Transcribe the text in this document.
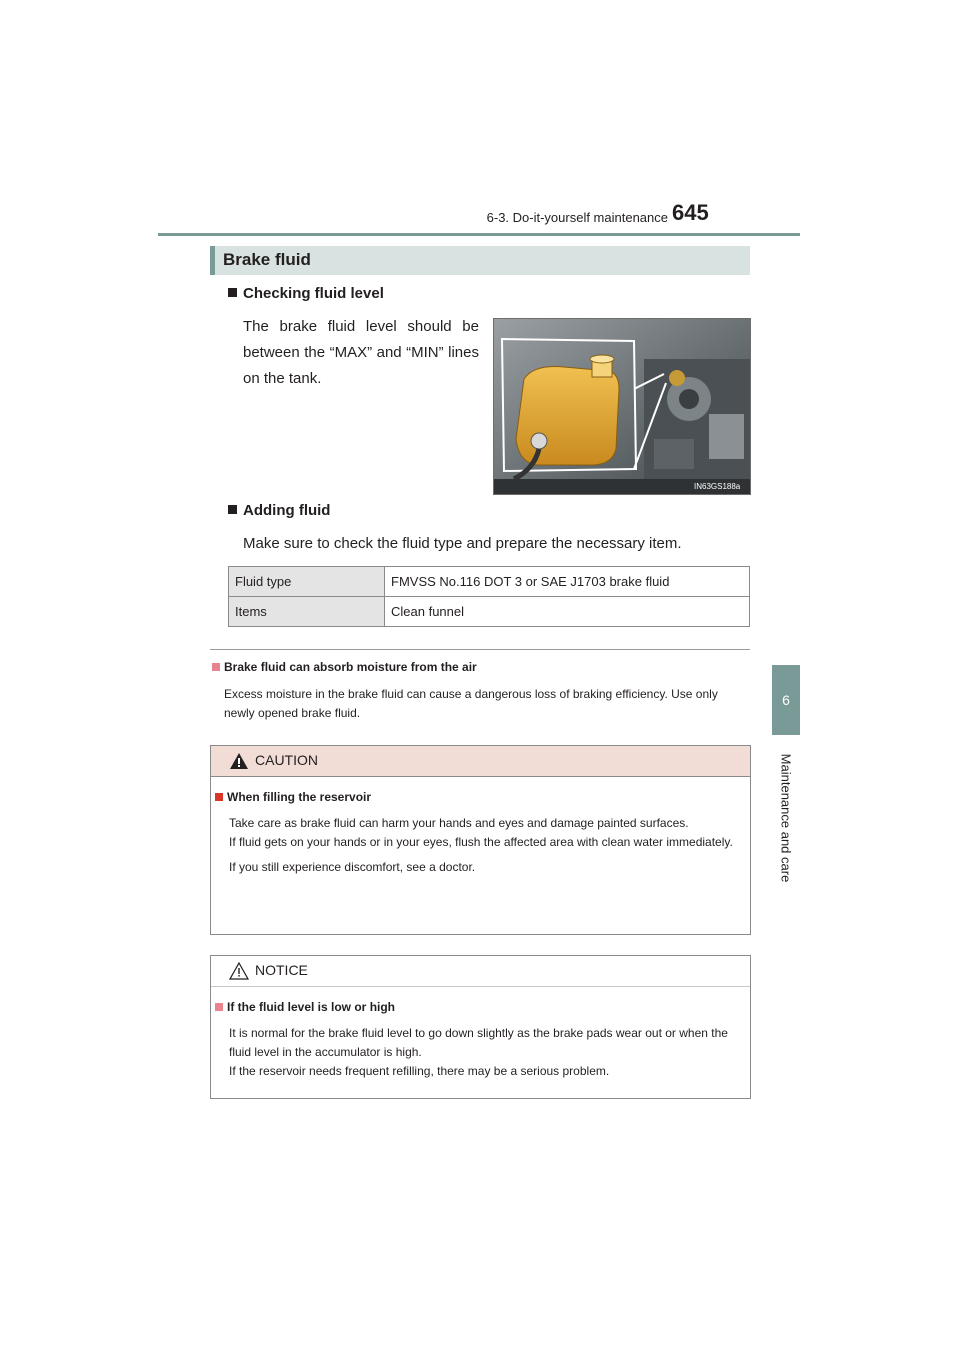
6-3. Do-it-yourself maintenance 645
6
Maintenance and care
Brake fluid
Checking fluid level
The brake fluid level should be between the “MAX” and “MIN” lines on the tank.
IN63GS188a
Adding fluid
Make sure to check the fluid type and prepare the necessary item.
Fluid type	FMVSS No.116 DOT 3 or SAE J1703 brake fluid
Items	Clean funnel
Brake fluid can absorb moisture from the air
Excess moisture in the brake fluid can cause a dangerous loss of braking efficiency. Use only newly opened brake fluid.
CAUTION
When filling the reservoir

Take care as brake fluid can harm your hands and eyes and damage painted surfaces.

If fluid gets on your hands or in your eyes, flush the affected area with clean water immediately.

If you still experience discomfort, see a doctor.

NOTICE
If the fluid level is low or high

It is normal for the brake fluid level to go down slightly as the brake pads wear out or when the fluid level in the accumulator is high.

If the reservoir needs frequent refilling, there may be a serious problem.
